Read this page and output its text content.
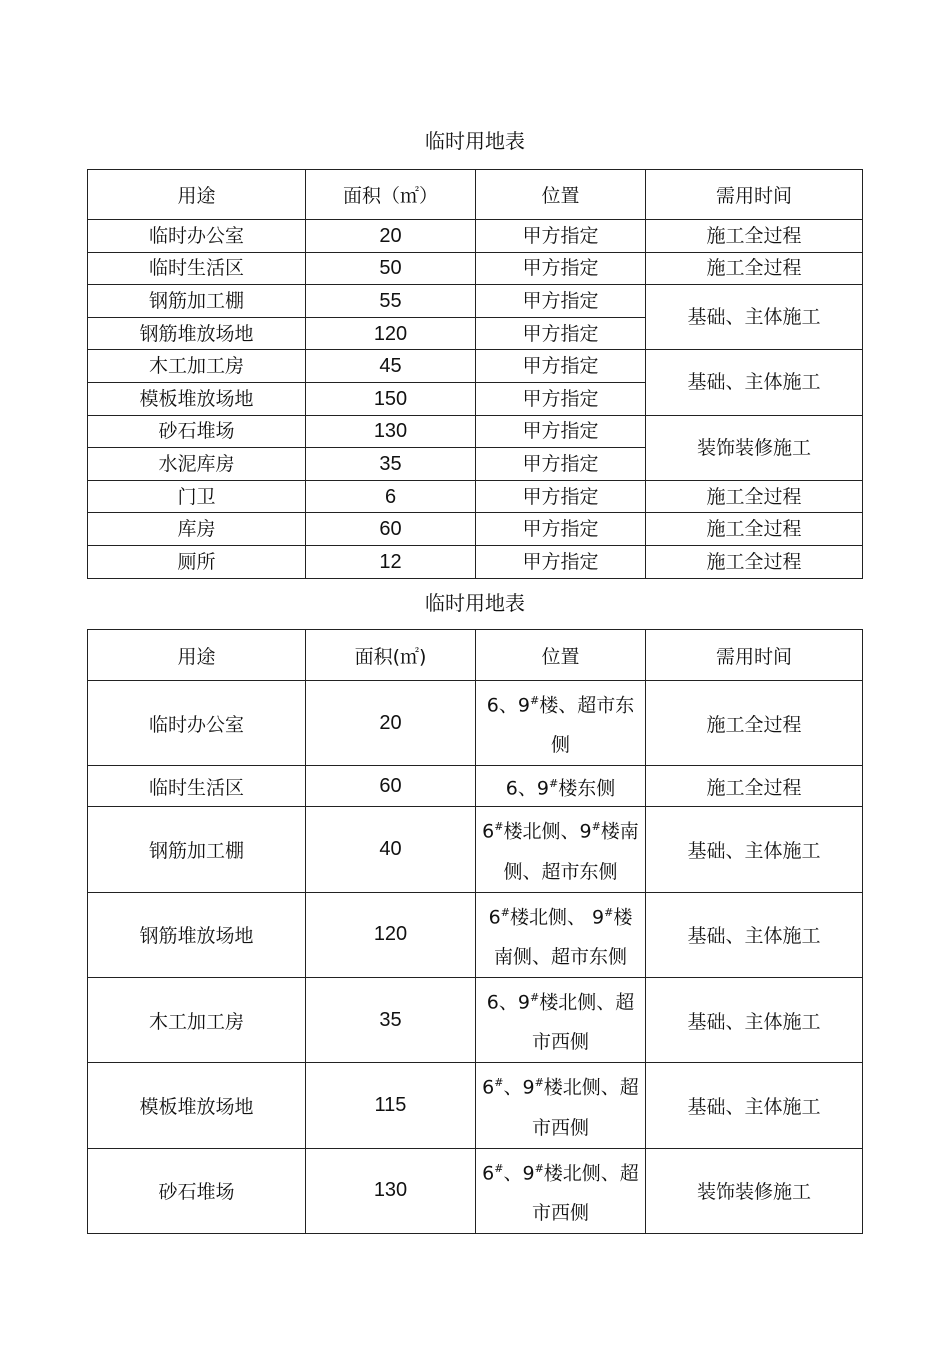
临时用地表
用途	面积（㎡）	位置	需用时间
临时办公室	20	甲方指定	施工全过程
临时生活区	50	甲方指定	施工全过程
钢筋加工棚	55	甲方指定	基础、主体施工
钢筋堆放场地	120	甲方指定	
木工加工房	45	甲方指定	基础、主体施工
模板堆放场地	150	甲方指定	
砂石堆场	130	甲方指定	装饰装修施工
水泥库房	35	甲方指定	
门卫	6	甲方指定	施工全过程
库房	60	甲方指定	施工全过程
厕所	12	甲方指定	施工全过程
临时用地表
用途	面积(㎡)	位置	需用时间
临时办公室	20	6、9#楼、超市东侧	施工全过程
临时生活区	60	6、9#楼东侧	施工全过程
钢筋加工棚	40	6#楼北侧、9#楼南侧、超市东侧	基础、主体施工
钢筋堆放场地	120	6#楼北侧、 9#楼南侧、超市东侧	基础、主体施工
木工加工房	35	6、9#楼北侧、超市西侧	基础、主体施工
模板堆放场地	115	6#、9#楼北侧、超市西侧	基础、主体施工
砂石堆场	130	6#、9#楼北侧、超市西侧	装饰装修施工
